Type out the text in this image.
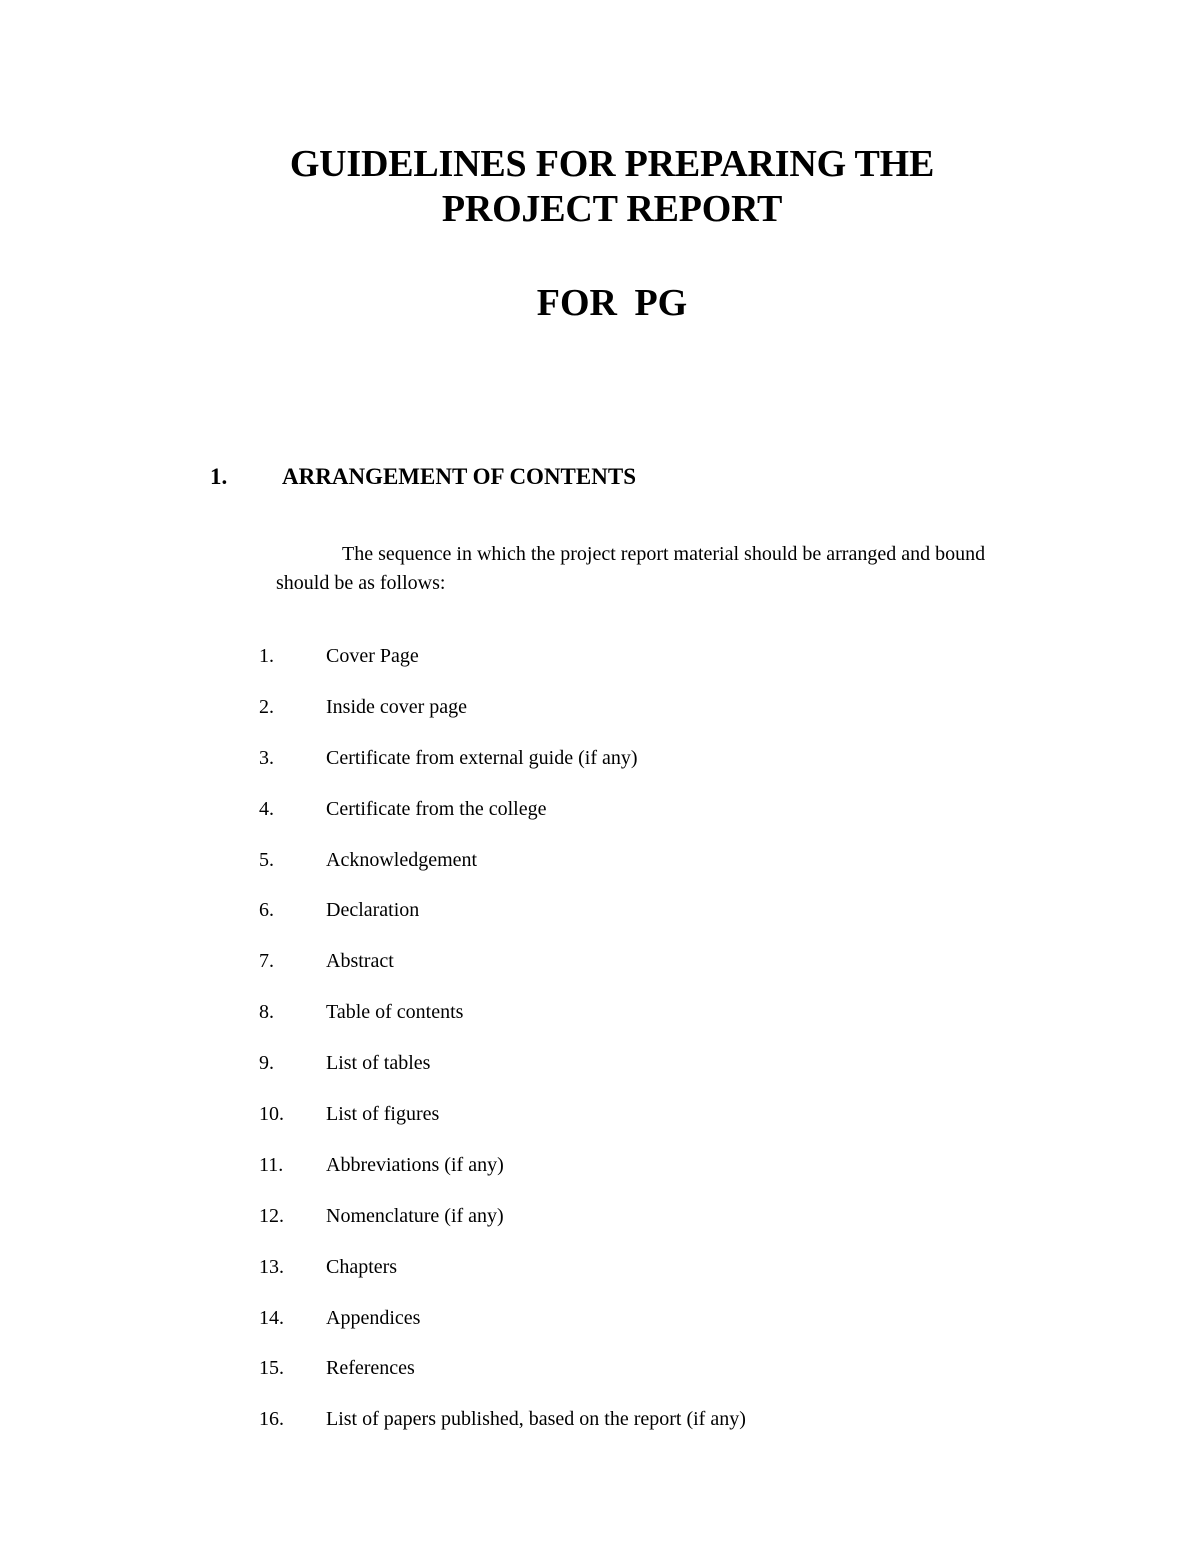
GUIDELINES FOR PREPARING THE
PROJECT REPORT
FOR PG
1. ARRANGEMENT OF CONTENTS
The sequence in which the project report material should be arranged and bound should be as follows:
1.	Cover Page
2.	Inside cover page
3.	Certificate from external guide (if any)
4.	Certificate from the college
5.	Acknowledgement
6.	Declaration
7.	Abstract
8.	Table of contents
9.	List of tables
10. List of figures
11. Abbreviations (if any)
12. Nomenclature (if any)
13. Chapters
14. Appendices
15. References
16. List of papers published, based on the report (if any)
